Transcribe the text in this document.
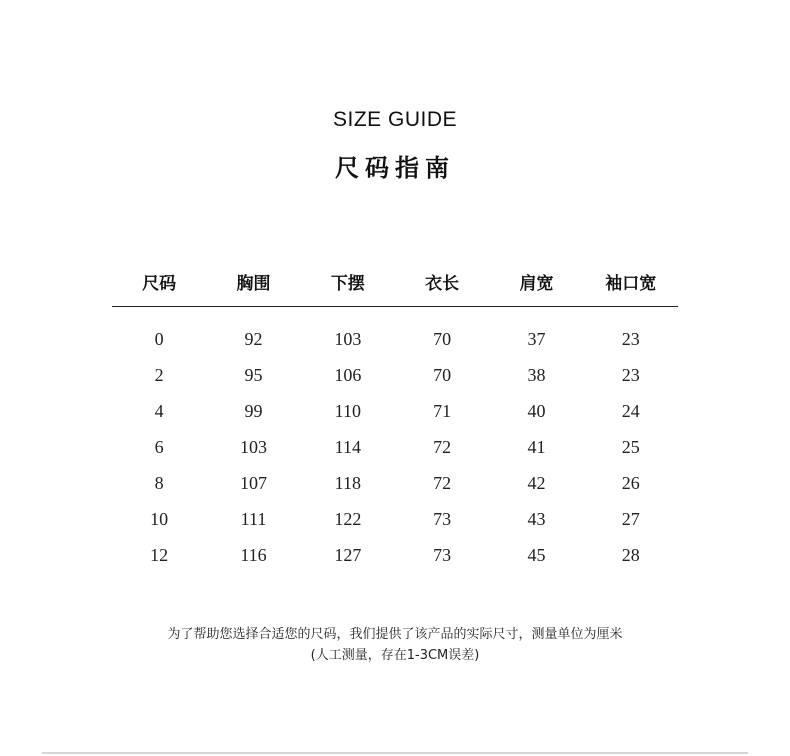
SIZE GUIDE
尺码指南
尺码	胸围	下摆	衣长	肩宽	袖口宽
0	92	103	70	37	23
2	95	106	70	38	23
4	99	110	71	40	24
6	103	114	72	41	25
8	107	118	72	42	26
10	111	122	73	43	27
12	116	127	73	45	28
为了帮助您选择合适您的尺码，我们提供了该产品的实际尺寸，测量单位为厘米
(人工测量，存在1-3CM误差)
